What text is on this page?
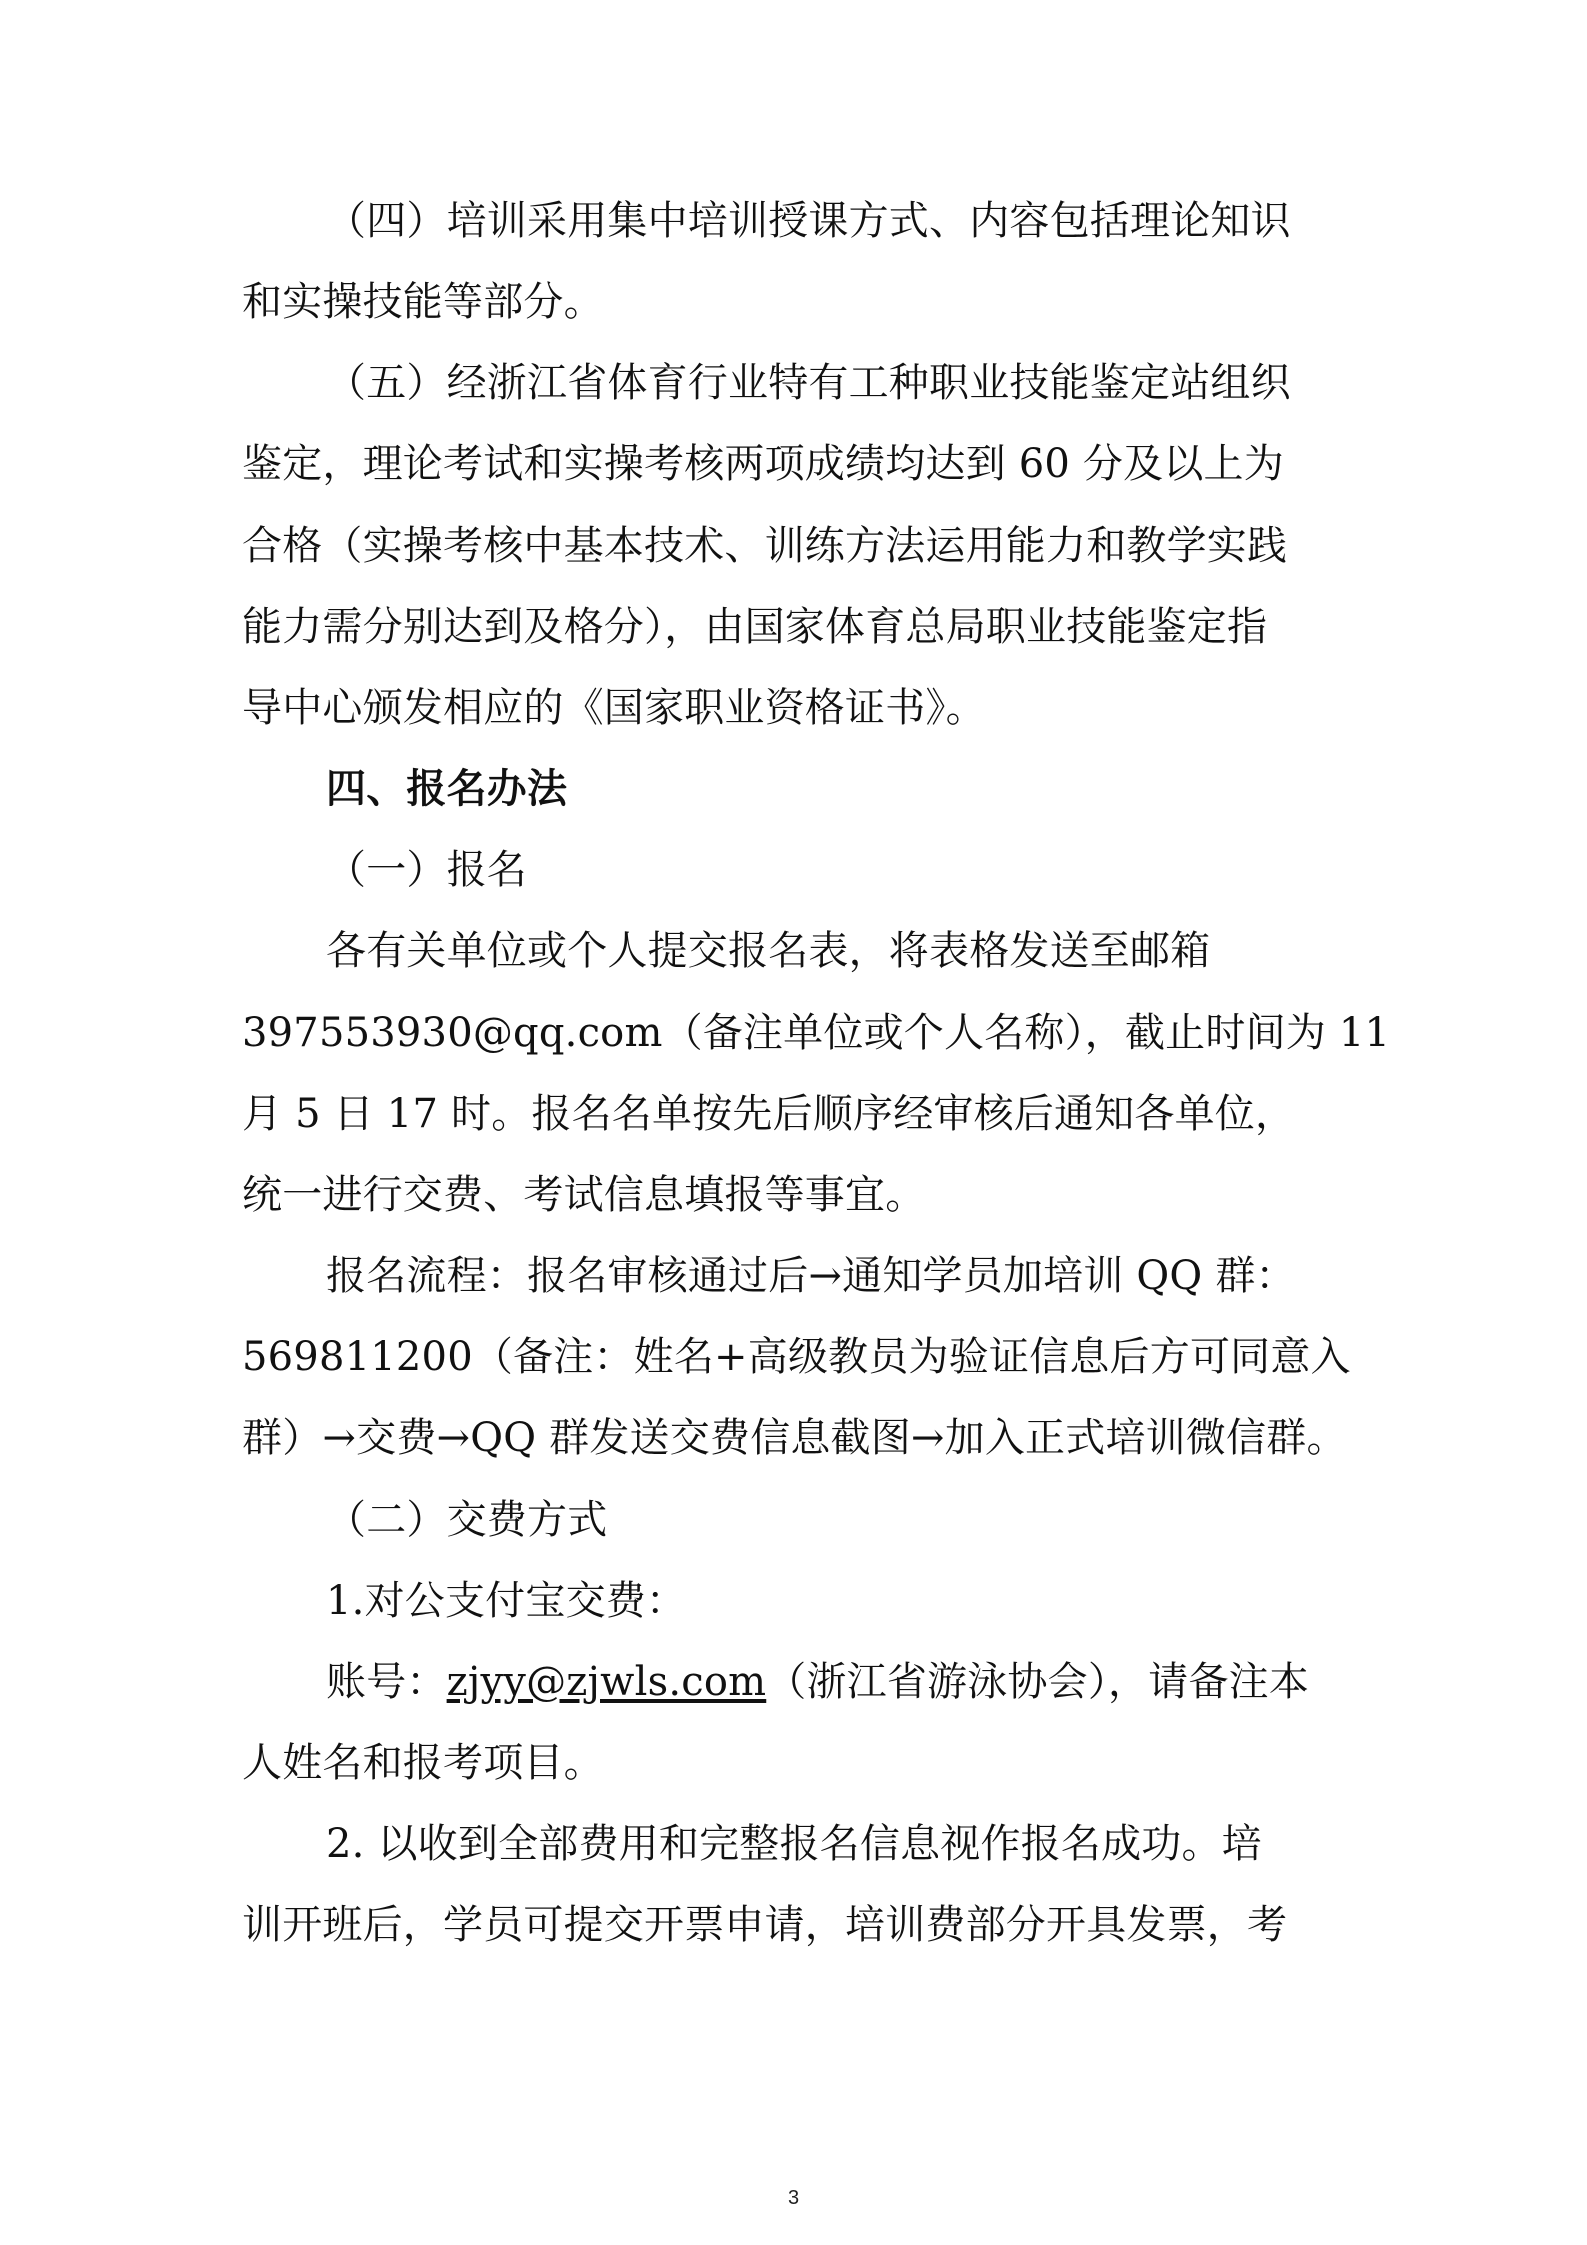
（四）培训采用集中培训授课方式、内容包括理论知识
和实操技能等部分。
（五）经浙江省体育行业特有工种职业技能鉴定站组织
鉴定，理论考试和实操考核两项成绩均达到 60 分及以上为
合格（实操考核中基本技术、训练方法运用能力和教学实践
能力需分别达到及格分），由国家体育总局职业技能鉴定指
导中心颁发相应的《国家职业资格证书》。
四、报名办法
（一）报名
各有关单位或个人提交报名表，将表格发送至邮箱
397553930@qq.com（备注单位或个人名称），截止时间为 11
月 5 日 17 时。报名名单按先后顺序经审核后通知各单位，
统一进行交费、考试信息填报等事宜。
报名流程：报名审核通过后→通知学员加培训 QQ 群：
569811200（备注：姓名+高级教员为验证信息后方可同意入
群）→交费→QQ 群发送交费信息截图→加入正式培训微信群。
（二）交费方式
1.对公支付宝交费：
账号：zjyy@zjwls.com（浙江省游泳协会），请备注本
人姓名和报考项目。
2. 以收到全部费用和完整报名信息视作报名成功。培
训开班后，学员可提交开票申请，培训费部分开具发票，考
3
